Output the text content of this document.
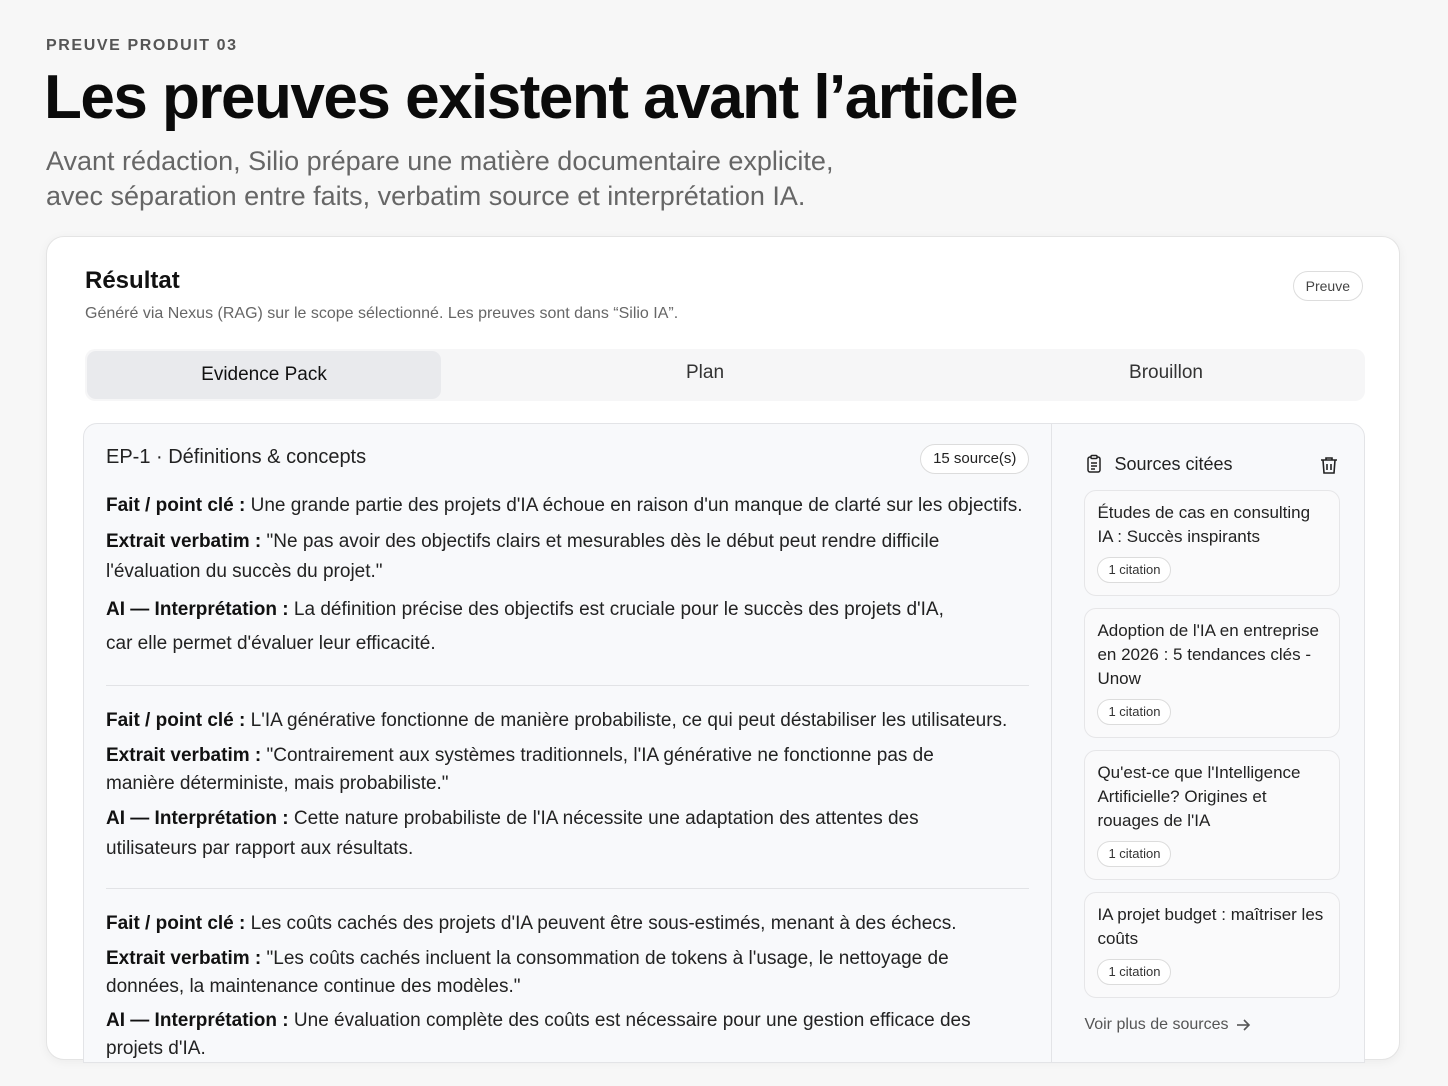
PREUVE PRODUIT 03
Les preuves existent avant l’article
Avant rédaction, Silio prépare une matière documentaire explicite,
avec séparation entre faits, verbatim source et interprétation IA.
Résultat
Généré via Nexus (RAG) sur le scope sélectionné. Les preuves sont dans “Silio IA”.
Preuve
Evidence Pack	Plan	Brouillon
EP-1 · Définitions & concepts	15 source(s)
Fait / point clé : Une grande partie des projets d'IA échoue en raison d'un manque de clarté sur les objectifs.
Extrait verbatim : "Ne pas avoir des objectifs clairs et mesurables dès le début peut rendre difficile l'évaluation du succès du projet."
AI — Interprétation : La définition précise des objectifs est cruciale pour le succès des projets d'IA, car elle permet d'évaluer leur efficacité.
Fait / point clé : L'IA générative fonctionne de manière probabiliste, ce qui peut déstabiliser les utilisateurs.
Extrait verbatim : "Contrairement aux systèmes traditionnels, l'IA générative ne fonctionne pas de manière déterministe, mais probabiliste."
AI — Interprétation : Cette nature probabiliste de l'IA nécessite une adaptation des attentes des utilisateurs par rapport aux résultats.
Fait / point clé : Les coûts cachés des projets d'IA peuvent être sous-estimés, menant à des échecs.
Extrait verbatim : "Les coûts cachés incluent la consommation de tokens à l'usage, le nettoyage de données, la maintenance continue des modèles."
AI — Interprétation : Une évaluation complète des coûts est nécessaire pour une gestion efficace des projets d'IA.
Sources citées
Études de cas en consulting IA : Succès inspirants
1 citation
Adoption de l'IA en entreprise en 2026 : 5 tendances clés - Unow
1 citation
Qu'est-ce que l'Intelligence Artificielle? Origines et rouages de l'IA
1 citation
IA projet budget : maîtriser les coûts
1 citation
Voir plus de sources
